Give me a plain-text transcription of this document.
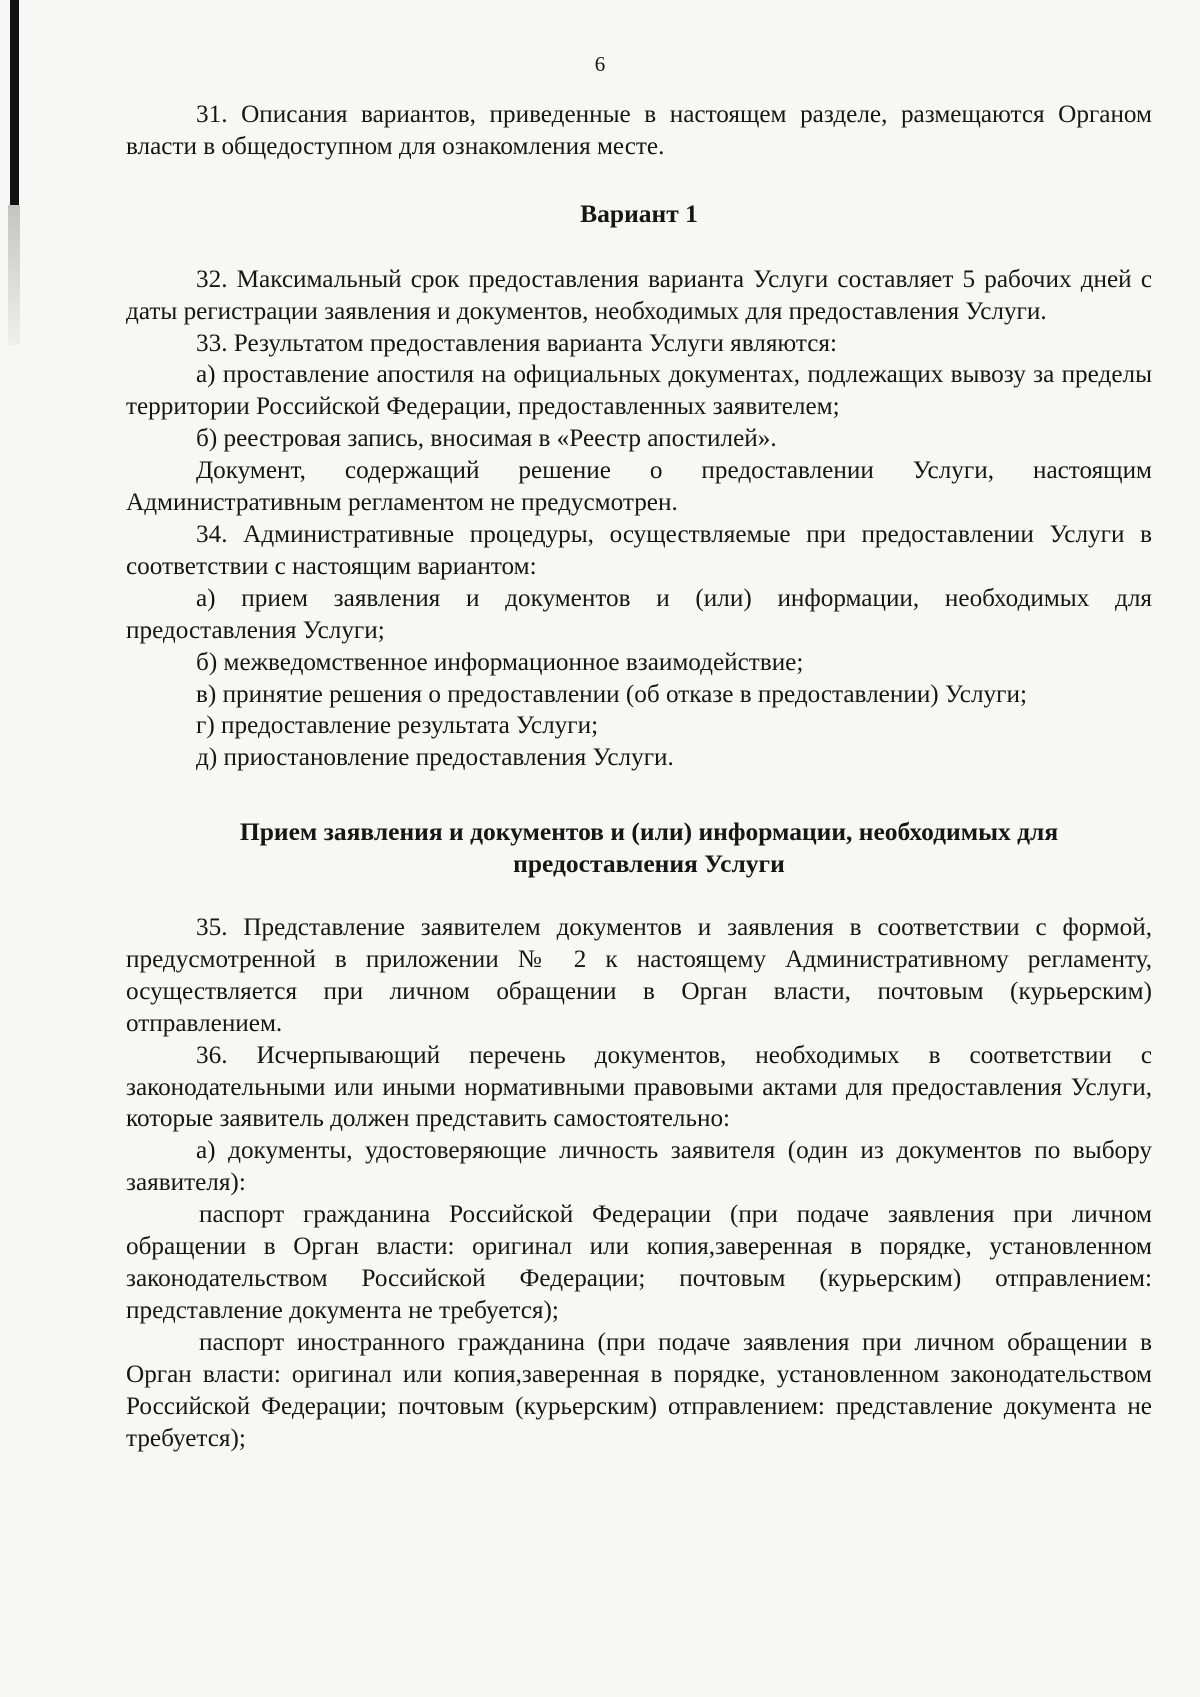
6

31. Описания вариантов, приведенные в настоящем разделе, размещаются Органом власти в общедоступном для ознакомления месте.

Вариант 1

32. Максимальный срок предоставления варианта Услуги составляет 5 рабочих дней с даты регистрации заявления и документов, необходимых для предоставления Услуги.

33. Результатом предоставления варианта Услуги являются:

а) проставление апостиля на официальных документах, подлежащих вывозу за пределы территории Российской Федерации, предоставленных заявителем;

б) реестровая запись, вносимая в «Реестр апостилей».

Документ, содержащий решение о предоставлении Услуги, настоящим Административным регламентом не предусмотрен.

34. Административные процедуры, осуществляемые при предоставлении Услуги в соответствии с настоящим вариантом:

а) прием заявления и документов и (или) информации, необходимых для предоставления Услуги;

б) межведомственное информационное взаимодействие;

в) принятие решения о предоставлении (об отказе в предоставлении) Услуги;

г) предоставление результата Услуги;

д) приостановление предоставления Услуги.

Прием заявления и документов и (или) информации, необходимых для
предоставления Услуги

35. Представление заявителем документов и заявления в соответствии с формой, предусмотренной в приложении № 2 к настоящему Административному регламенту, осуществляется при личном обращении в Орган власти, почтовым (курьерским) отправлением.

36. Исчерпывающий перечень документов, необходимых в соответствии с законодательными или иными нормативными правовыми актами для предоставления Услуги, которые заявитель должен представить самостоятельно:

а) документы, удостоверяющие личность заявителя (один из документов по выбору заявителя):

паспорт гражданина Российской Федерации (при подаче заявления при личном обращении в Орган власти: оригинал или копия,заверенная в порядке, установленном законодательством Российской Федерации; почтовым (курьерским) отправлением: представление документа не требуется);

паспорт иностранного гражданина (при подаче заявления при личном обращении в Орган власти: оригинал или копия,заверенная в порядке, установленном законодательством Российской Федерации; почтовым (курьерским) отправлением: представление документа не требуется);
